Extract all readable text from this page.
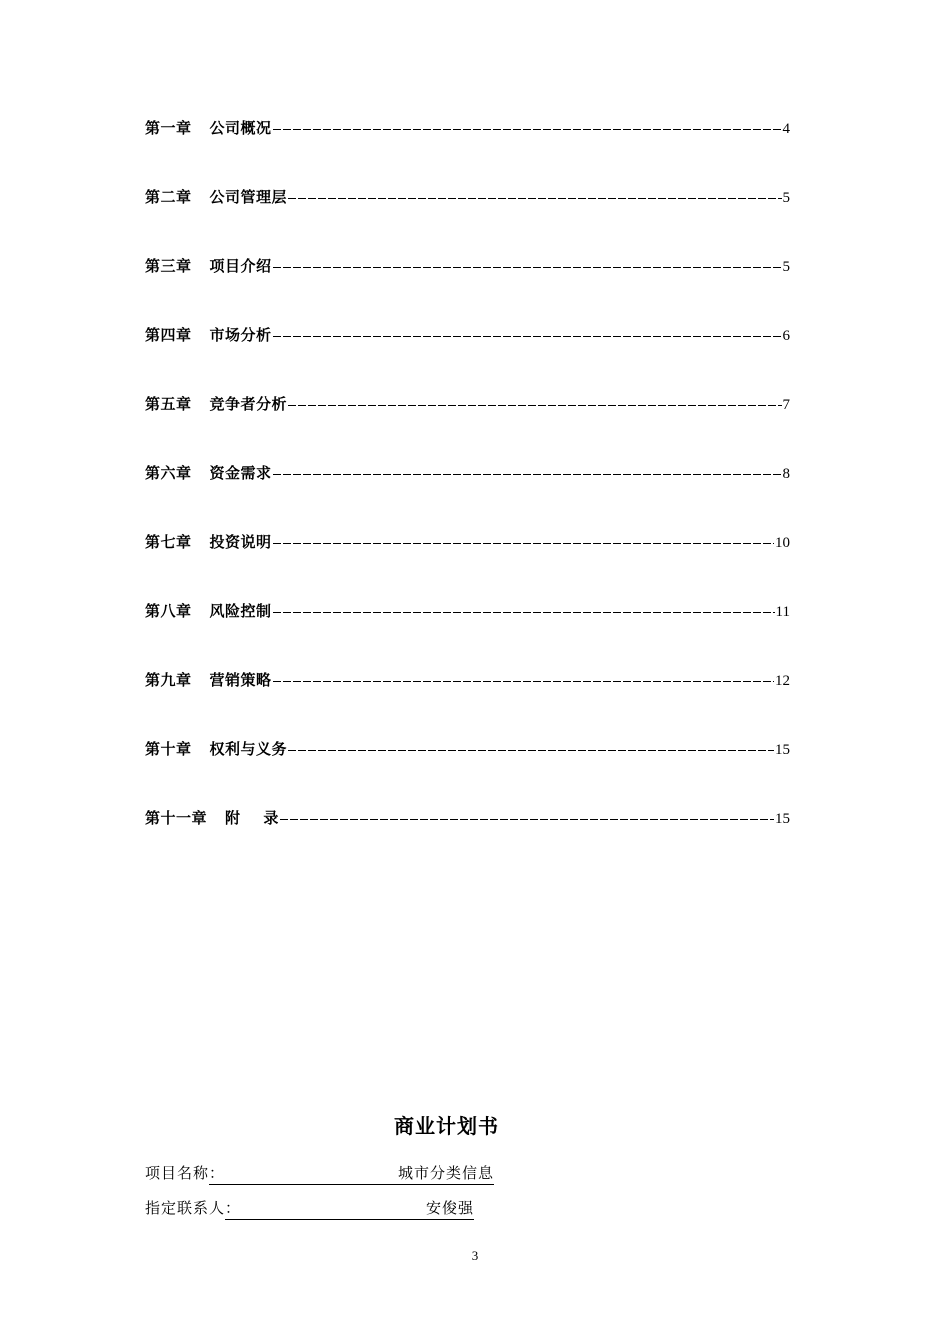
第一章 公司概况	4
第二章 公司管理层	5
第三章 项目介绍	5
第四章 市场分析	6
第五章 竞争者分析	7
第六章 资金需求	8
第七章 投资说明	10
第八章 风险控制	11
第九章 营销策略	12
第十章 权利与义务	15
第十一章 附    录	15
商业计划书
项目名称 ：	城市分类信息
指定联系人 ：	安俊强
3
